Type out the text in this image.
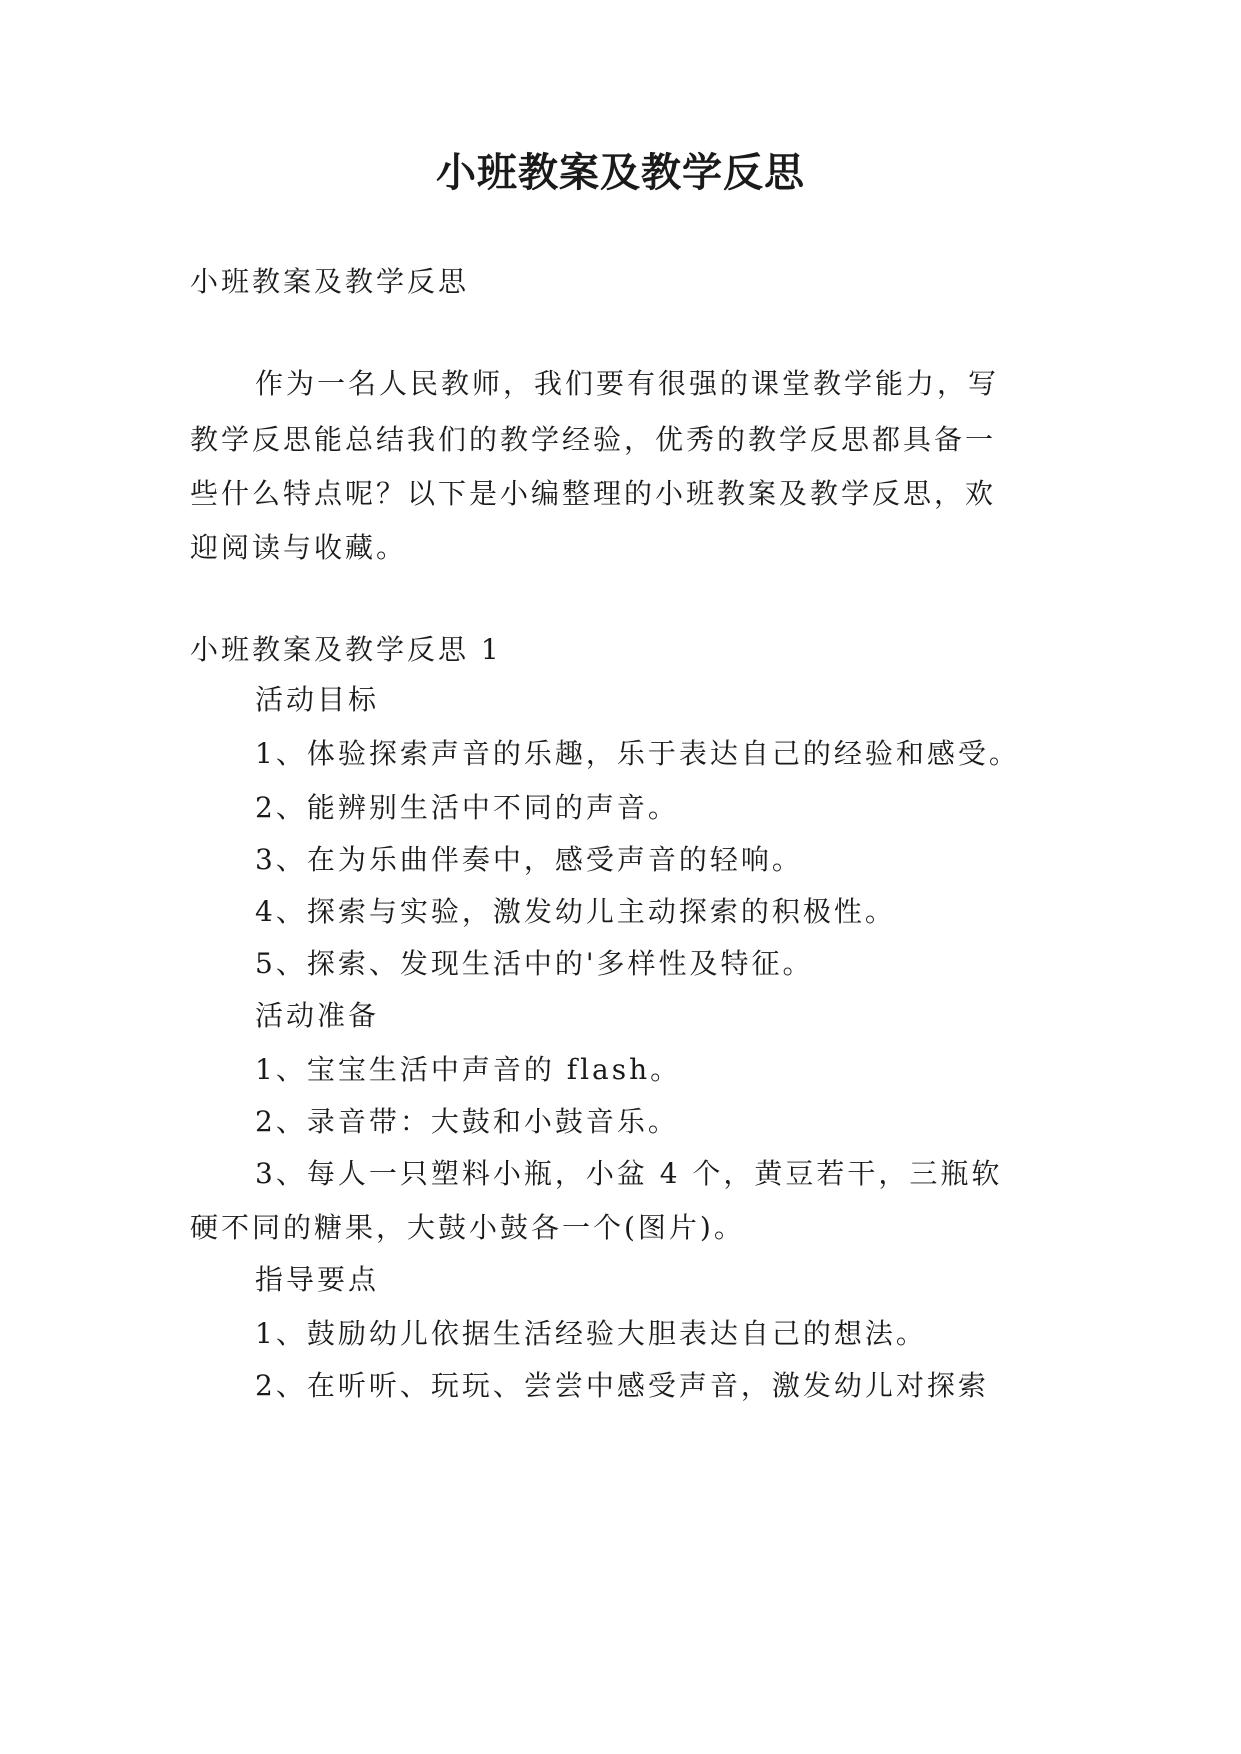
小班教案及教学反思

小班教案及教学反思

作为一名人民教师，我们要有很强的课堂教学能力，写

教学反思能总结我们的教学经验，优秀的教学反思都具备一

些什么特点呢？以下是小编整理的小班教案及教学反思，欢

迎阅读与收藏。

小班教案及教学反思 1

活动目标

1、体验探索声音的乐趣，乐于表达自己的经验和感受。

2、能辨别生活中不同的声音。

3、在为乐曲伴奏中，感受声音的轻响。

4、探索与实验，激发幼儿主动探索的积极性。

5、探索、发现生活中的'多样性及特征。

活动准备

1、宝宝生活中声音的 flash。

2、录音带：大鼓和小鼓音乐。

3、每人一只塑料小瓶，小盆 4 个，黄豆若干，三瓶软

硬不同的糖果，大鼓小鼓各一个(图片)。

指导要点

1、鼓励幼儿依据生活经验大胆表达自己的想法。

2、在听听、玩玩、尝尝中感受声音，激发幼儿对探索
